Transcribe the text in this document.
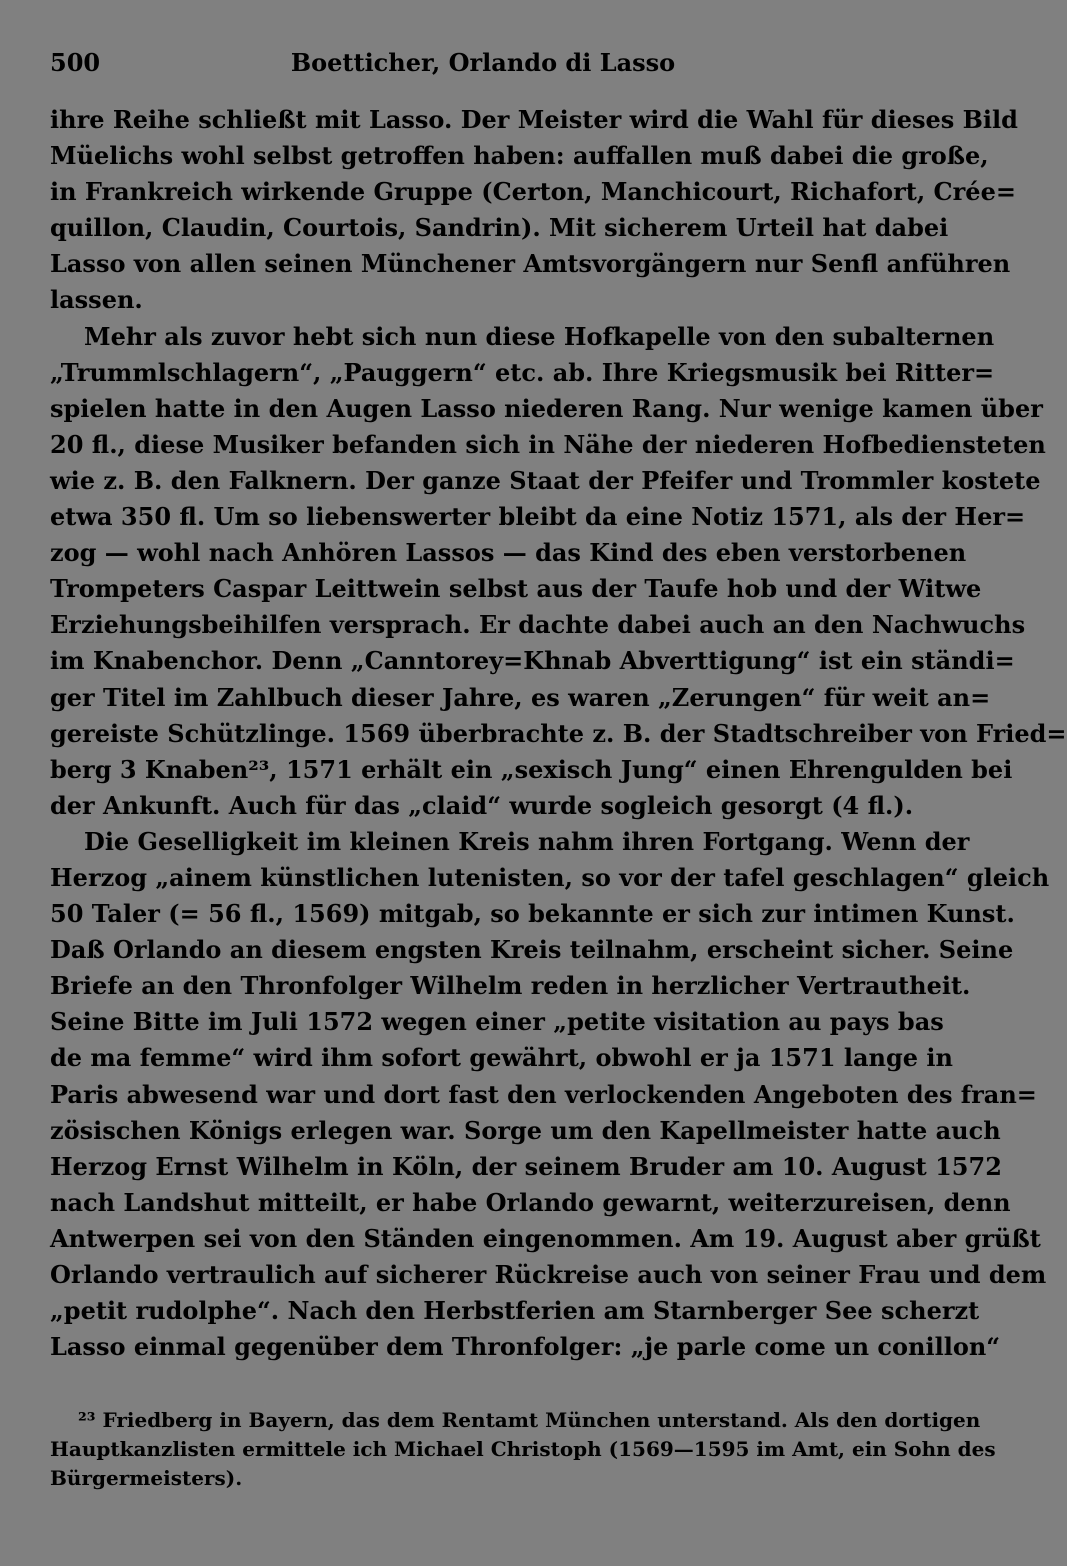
500	Boetticher, Orlando di Lasso
ihre Reihe schließt mit Lasso. Der Meister wird die Wahl für dieses Bild
Müelichs wohl selbst getroffen haben: auffallen muß dabei die große,
in Frankreich wirkende Gruppe (Certon, Manchicourt, Richafort, Crée=
quillon, Claudin, Courtois, Sandrin). Mit sicherem Urteil hat dabei
Lasso von allen seinen Münchener Amtsvorgängern nur Senfl anführen
lassen.
Mehr als zuvor hebt sich nun diese Hofkapelle von den subalternen
„Trummlschlagern“, „Pauggern“ etc. ab. Ihre Kriegsmusik bei Ritter=
spielen hatte in den Augen Lasso niederen Rang. Nur wenige kamen über
20 fl., diese Musiker befanden sich in Nähe der niederen Hofbediensteten
wie z. B. den Falknern. Der ganze Staat der Pfeifer und Trommler kostete
etwa 350 fl. Um so liebenswerter bleibt da eine Notiz 1571, als der Her=
zog — wohl nach Anhören Lassos — das Kind des eben verstorbenen
Trompeters Caspar Leittwein selbst aus der Taufe hob und der Witwe
Erziehungsbeihilfen versprach. Er dachte dabei auch an den Nachwuchs
im Knabenchor. Denn „Canntorey=Khnab Abverttigung“ ist ein ständi=
ger Titel im Zahlbuch dieser Jahre, es waren „Zerungen“ für weit an=
gereiste Schützlinge. 1569 überbrachte z. B. der Stadtschreiber von Fried=
berg 3 Knaben²³, 1571 erhält ein „sexisch Jung“ einen Ehrengulden bei
der Ankunft. Auch für das „claid“ wurde sogleich gesorgt (4 fl.).
Die Geselligkeit im kleinen Kreis nahm ihren Fortgang. Wenn der
Herzog „ainem künstlichen lutenisten, so vor der tafel geschlagen“ gleich
50 Taler (= 56 fl., 1569) mitgab, so bekannte er sich zur intimen Kunst.
Daß Orlando an diesem engsten Kreis teilnahm, erscheint sicher. Seine
Briefe an den Thronfolger Wilhelm reden in herzlicher Vertrautheit.
Seine Bitte im Juli 1572 wegen einer „petite visitation au pays bas
de ma femme“ wird ihm sofort gewährt, obwohl er ja 1571 lange in
Paris abwesend war und dort fast den verlockenden Angeboten des fran=
zösischen Königs erlegen war. Sorge um den Kapellmeister hatte auch
Herzog Ernst Wilhelm in Köln, der seinem Bruder am 10. August 1572
nach Landshut mitteilt, er habe Orlando gewarnt, weiterzureisen, denn
Antwerpen sei von den Ständen eingenommen. Am 19. August aber grüßt
Orlando vertraulich auf sicherer Rückreise auch von seiner Frau und dem
„petit rudolphe“. Nach den Herbstferien am Starnberger See scherzt
Lasso einmal gegenüber dem Thronfolger: „je parle come un conillon“
²³ Friedberg in Bayern, das dem Rentamt München unterstand. Als den dortigen
Hauptkanzlisten ermittele ich Michael Christoph (1569—1595 im Amt, ein Sohn des
Bürgermeisters).
